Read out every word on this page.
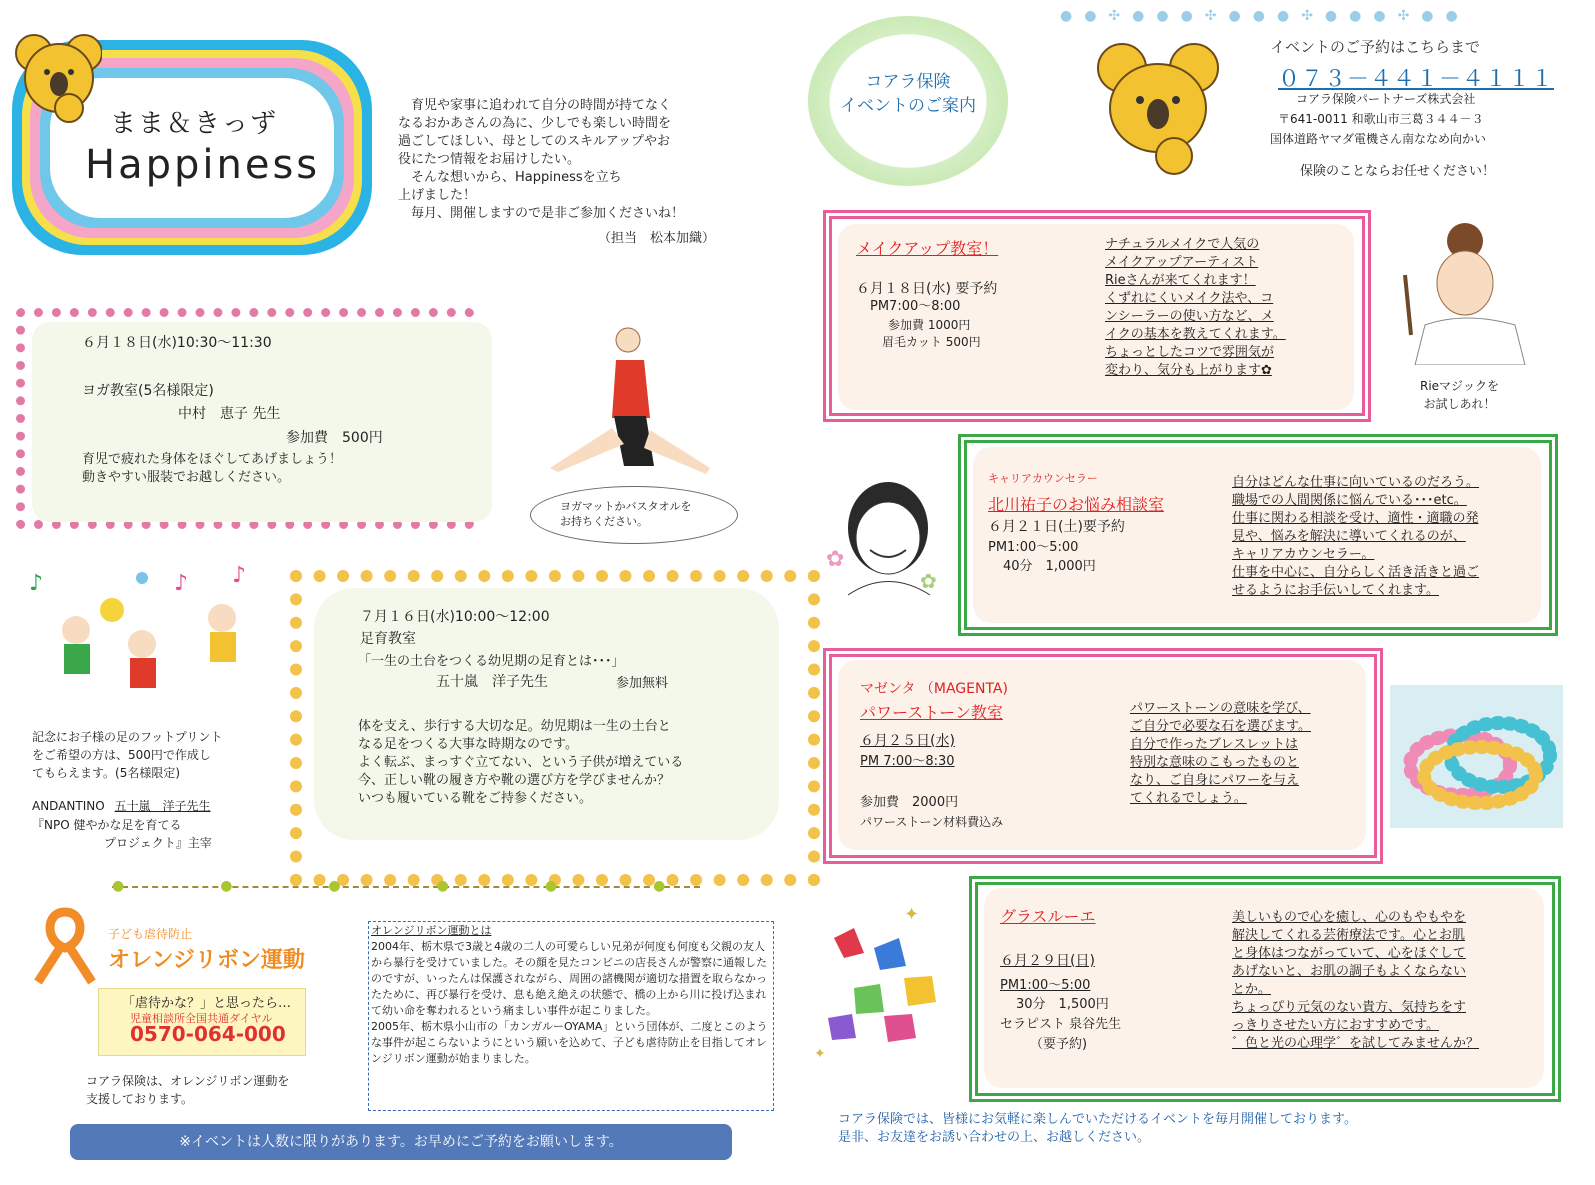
まま＆きっず
Happiness
　育児や家事に追われて自分の時間が持てなく
なるおかあさんの為に、少しでも楽しい時間を
過ごしてほしい、母としてのスキルアップやお
役にたつ情報をお届けしたい。
　そんな想いから、Happinessを立ち
上げました！
　毎月、開催しますので是非ご参加くださいね！
（担当　松本加織）
●●✣●●●✣●●●✣●●●✣●●
コアラ保険
イベントのご案内
イベントのご予約はこちらまで
０７３－４４１－４１１１
コアラ保険パートナーズ株式会社
〒641-0011 和歌山市三葛３４４－３
国体道路ヤマダ電機さん南ななめ向かい
保険のことならお任せください！
６月１８日(水)10:30～11:30
ヨガ教室(5名様限定)
中村　恵子 先生
参加費　500円
育児で疲れた身体をほぐしてあげましょう！
動きやすい服装でお越しください。
ヨガマットかバスタオルを
お持ちください。
７月１６日(水)10:00～12:00
足育教室
「一生の土台をつくる幼児期の足育とは･･･」
五十嵐　洋子先生	参加無料
体を支え、歩行する大切な足。幼児期は一生の土台と
なる足をつくる大事な時期なのです。
よく転ぶ、まっすぐ立てない、という子供が増えている
今、正しい靴の履き方や靴の選び方を学びませんか？
いつも履いている靴をご持参ください。
♪	♪ ♪
記念にお子様の足のフットプリント
をご希望の方は、500円で作成し
てもらえます。(5名様限定)
ANDANTINO 五十嵐　洋子先生
『NPO 健やかな足を育てる
　　　　　　プロジェクト』主宰
●●●●●●
子ども虐待防止
オレンジリボン運動
「虐待かな？」と思ったら…
児童相談所全国共通ダイヤル
0570-064-000
コアラ保険は、オレンジリボン運動を
支援しております。
オレンジリボン運動とは
2004年、栃木県で3歳と4歳の二人の可愛らしい兄弟が何度も何度も父親の友人から暴行を受けていました。その顔を見たコンビニの店長さんが警察に通報したのですが、いったんは保護されながら、周囲の諸機関が適切な措置を取らなかったために、再び暴行を受け、息も絶え絶えの状態で、橋の上から川に投げ込まれて幼い命を奪われるという痛ましい事件が起こりました。
2005年、栃木県小山市の「カンガルーOYAMA」という団体が、二度とこのような事件が起こらないようにという願いを込めて、子ども虐待防止を目指してオレンジリボン運動が始まりました。
※イベントは人数に限りがあります。お早めにご予約をお願いします。
メイクアップ教室！
６月１８日(水) 要予約
PM7:00～8:00
参加費 1000円
眉毛カット 500円
ナチュラルメイクで人気の
メイクアップアーティスト
Rieさんが来てくれます！
くずれにくいメイク法や、コ
ンシーラーの使い方など、メ
イクの基本を教えてくれます。
ちょっとしたコツで雰囲気が
変わり、気分も上がります✿
Rieマジックを
お試しあれ！
キャリアカウンセラー
北川祐子のお悩み相談室
６月２１日(土)要予約
PM1:00～5:00
40分　1,000円
自分はどんな仕事に向いているのだろう。
職場での人間関係に悩んでいる･･･etc。
仕事に関わる相談を受け、適性・適職の発
見や、悩みを解決に導いてくれるのが、
キャリアカウンセラー。
仕事を中心に、自分らしく活き活きと過ご
せるようにお手伝いしてくれます。
✿
✿
マゼンタ （MAGENTA)
パワーストーン教室
６月２５日(水)
PM 7:00～8:30
参加費　2000円
パワーストーン材料費込み
パワーストーンの意味を学び、
ご自分で必要な石を選びます。
自分で作ったブレスレットは
特別な意味のこもったものと
なり、ご自身にパワーを与え
てくれるでしょう。
グラスルーエ
６月２９日(日)
PM1:00～5:00
30分　1,500円
セラピスト 泉谷先生
（要予約)
美しいもので心を癒し、心のもやもやを
解決してくれる芸術療法です。心とお肌
と身体はつながっていて、心をほぐして
あげないと、お肌の調子もよくならない
とか。
ちょっぴり元気のない貴方、気持ちをす
っきりさせたい方におすすめです。
゛色と光の心理学゛を試してみませんか？
✦
✦
コアラ保険では、皆様にお気軽に楽しんでいただけるイベントを毎月開催しております。
是非、お友達をお誘い合わせの上、お越しください。
